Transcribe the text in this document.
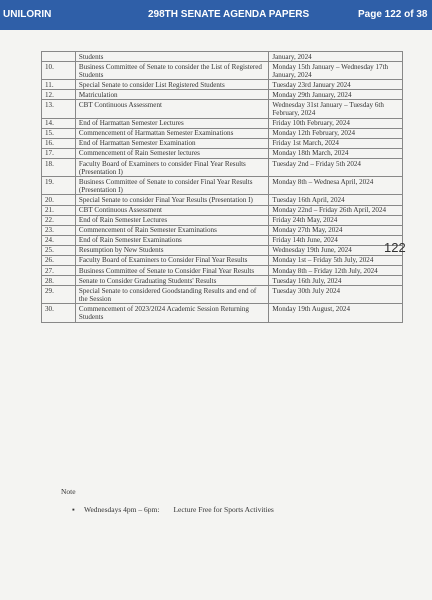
UNILORIN	298TH SENATE AGENDA PAPERS	Page 122 of 38
	Students	January, 2024
10.	Business Committee of Senate to consider the List of Registered Students	Monday 15th January – Wednesday 17th January, 2024
11.	Special Senate to consider List Registered Students	Tuesday 23rd January 2024
12.	Matriculation	Monday 29th January, 2024
13.	CBT Continuous Assessment	Wednesday 31st January – Tuesday 6th February, 2024
14.	End of Harmattan Semester Lectures	Friday 10th February, 2024
15.	Commencement of Harmattan Semester Examinations	Monday 12th February, 2024
16.	End of Harmattan Semester Examination	Friday 1st March, 2024
17.	Commencement of Rain Semester lectures	Monday 18th March, 2024
18.	Faculty Board of Examiners to consider Final Year Results (Presentation I)	Tuesday 2nd – Friday 5th 2024
19.	Business Committee of Senate to consider Final Year Results (Presentation I)	Monday 8th – Wednesa April, 2024
20.	Special Senate to consider Final Year Results (Presentation I)	Tuesday 16th April, 2024
21.	CBT Continuous Assessment	Monday 22nd – Friday 26th April, 2024
22.	End of Rain Semester Lectures	Friday 24th May, 2024
23.	Commencement of Rain Semester Examinations	Monday 27th May, 2024
24.	End of Rain Semester Examinations	Friday 14th June, 2024
25.	Resumption by New Students	Wednesday 19th June, 2024
26.	Faculty Board of Examiners to Consider Final Year Results	Monday 1st – Friday 5th July, 2024
27.	Business Committee of Senate to Consider Final Year Results	Monday 8th – Friday 12th July, 2024
28.	Senate to Consider Graduating Students' Results	Tuesday 16th July, 2024
29.	Special Senate to considered Goodstanding Results and end of the Session	Tuesday 30th July 2024
30.	Commencement of 2023/2024 Academic Session Returning Students	Monday 19th August, 2024
122
Note
▪ Wednesdays 4pm – 6pm: Lecture Free for Sports Activities
